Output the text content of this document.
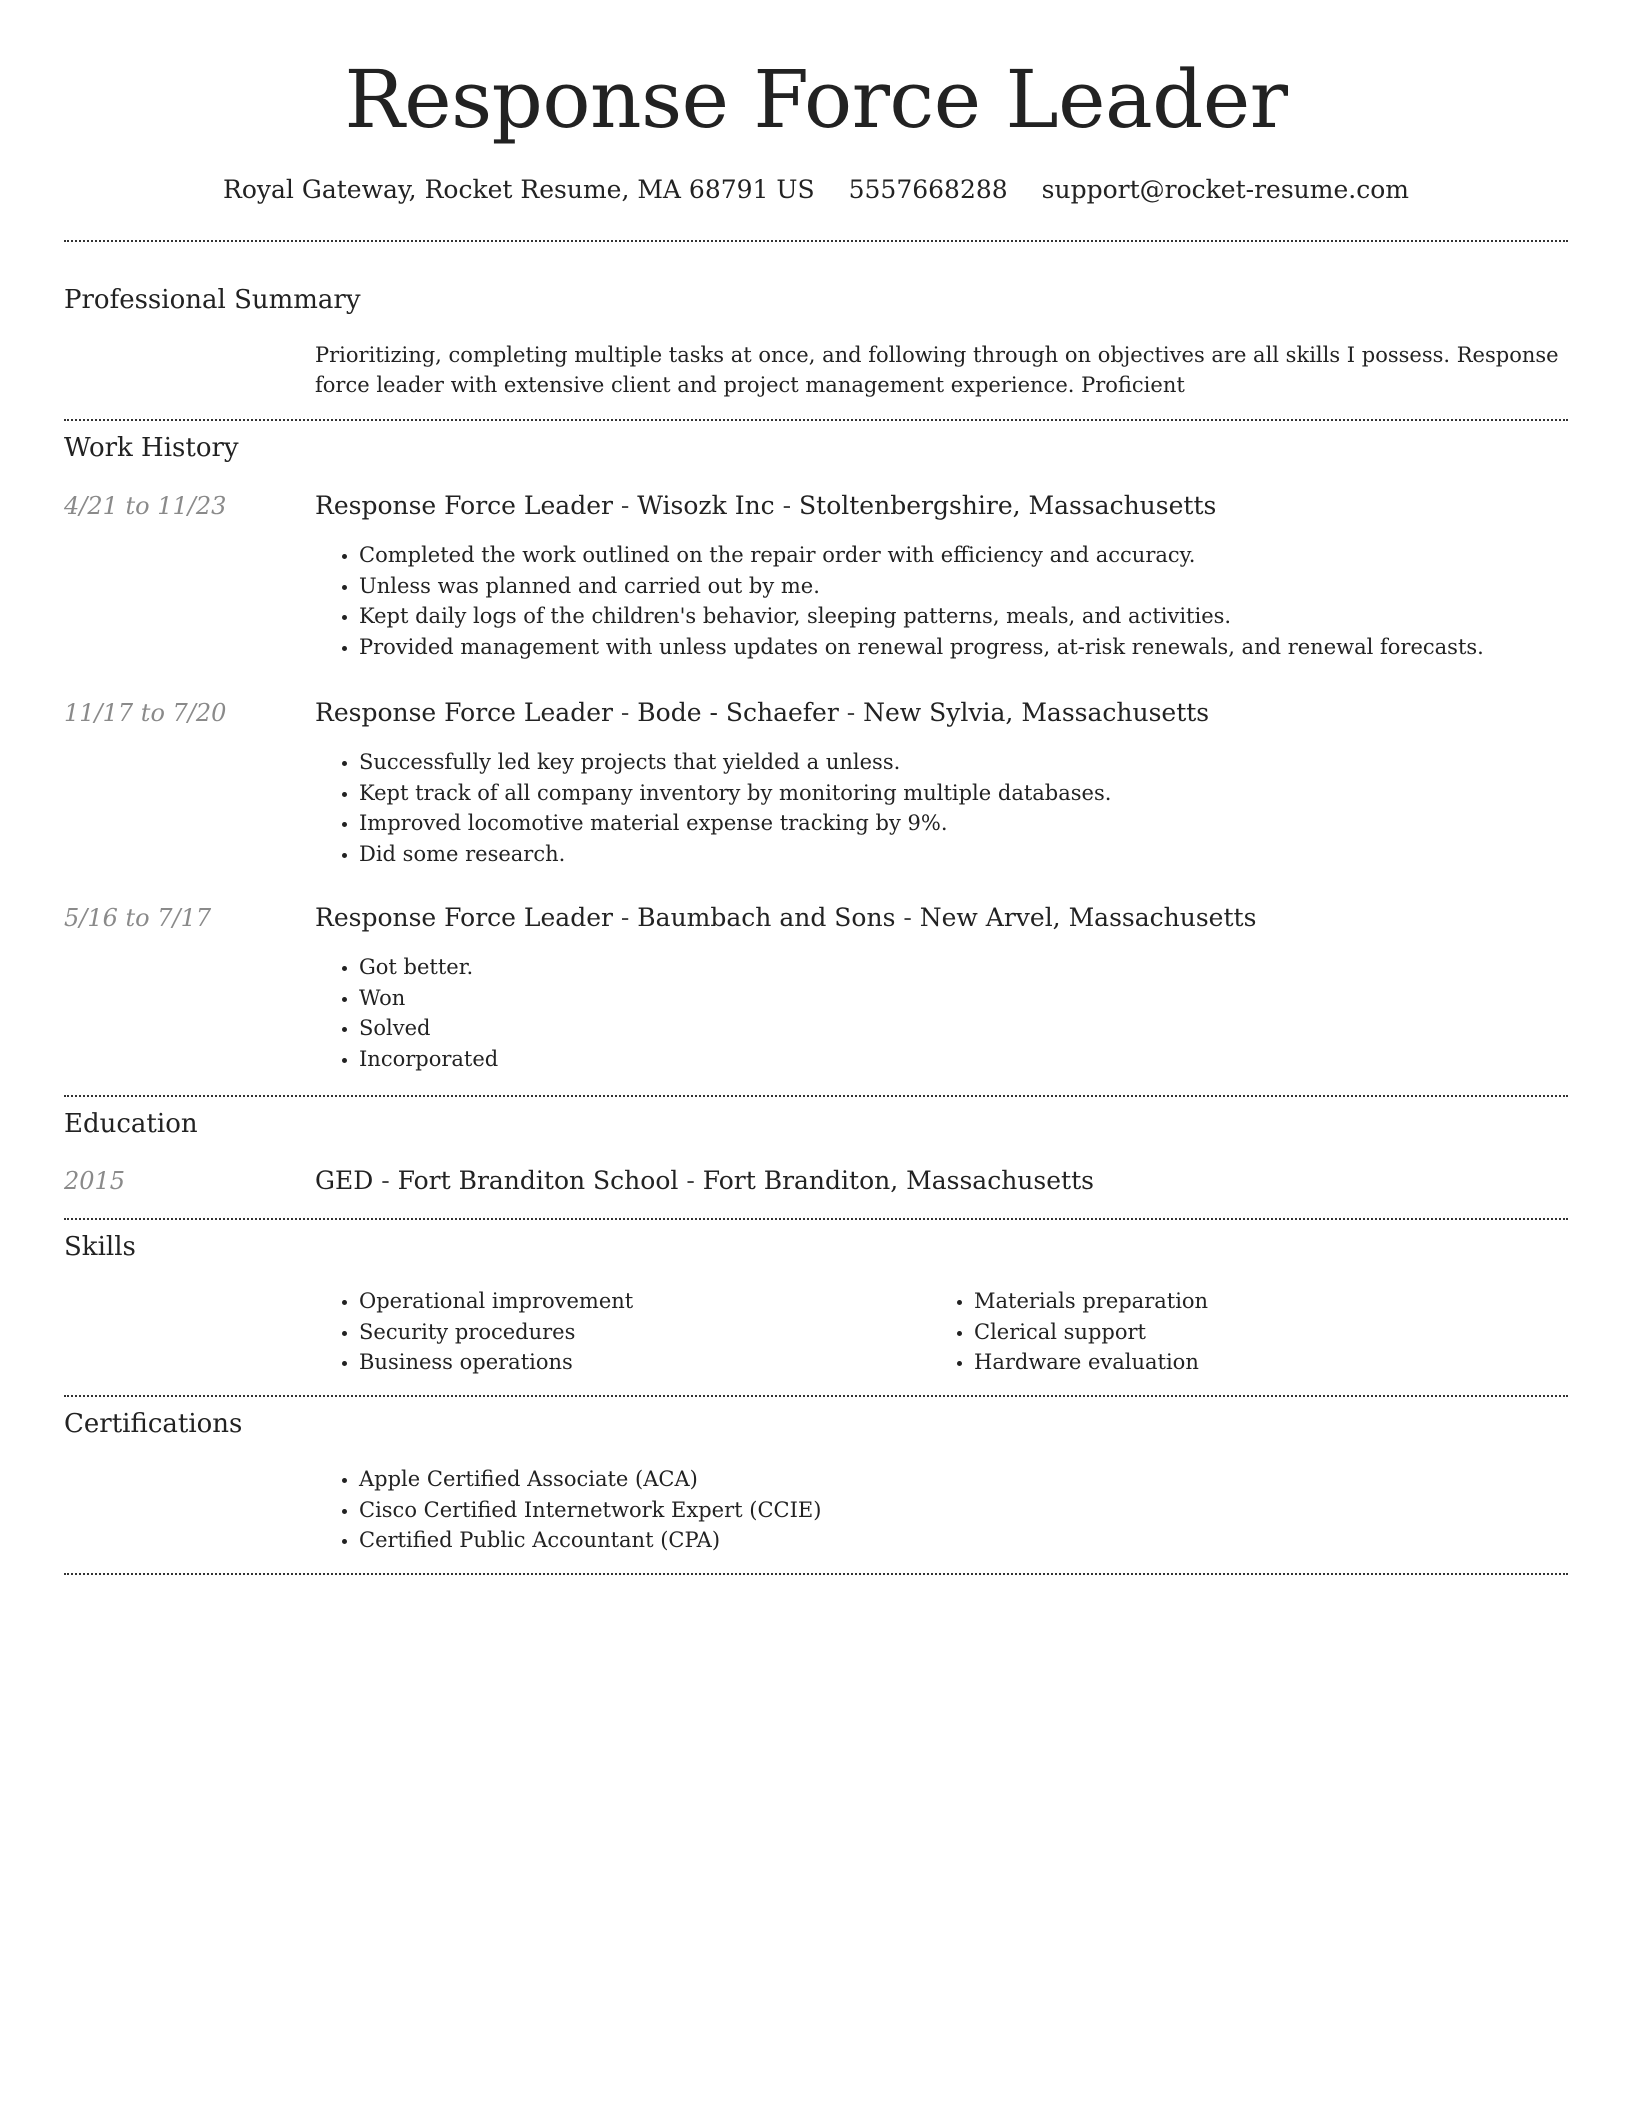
Response Force Leader
Royal Gateway, Rocket Resume, MA 68791 US 5557668288 support@rocket-resume.com
Professional Summary
Prioritizing, completing multiple tasks at once, and following through on objectives are all skills I possess. Response force leader with extensive client and project management experience. Proficient
Work History
4/21 to 11/23	Response Force Leader - Wisozk Inc - Stoltenbergshire, Massachusetts
• Completed the work outlined on the repair order with efficiency and accuracy.
• Unless was planned and carried out by me.
• Kept daily logs of the children's behavior, sleeping patterns, meals, and activities.
• Provided management with unless updates on renewal progress, at-risk renewals, and renewal forecasts.
11/17 to 7/20	Response Force Leader - Bode - Schaefer - New Sylvia, Massachusetts
• Successfully led key projects that yielded a unless.
• Kept track of all company inventory by monitoring multiple databases.
• Improved locomotive material expense tracking by 9%.
• Did some research.
5/16 to 7/17	Response Force Leader - Baumbach and Sons - New Arvel, Massachusetts
• Got better.
• Won
• Solved
• Incorporated
Education
2015	GED - Fort Branditon School - Fort Branditon, Massachusetts
Skills
• Operational improvement
• Security procedures
• Business operations
• Materials preparation
• Clerical support
• Hardware evaluation
Certifications
• Apple Certified Associate (ACA)
• Cisco Certified Internetwork Expert (CCIE)
• Certified Public Accountant (CPA)
